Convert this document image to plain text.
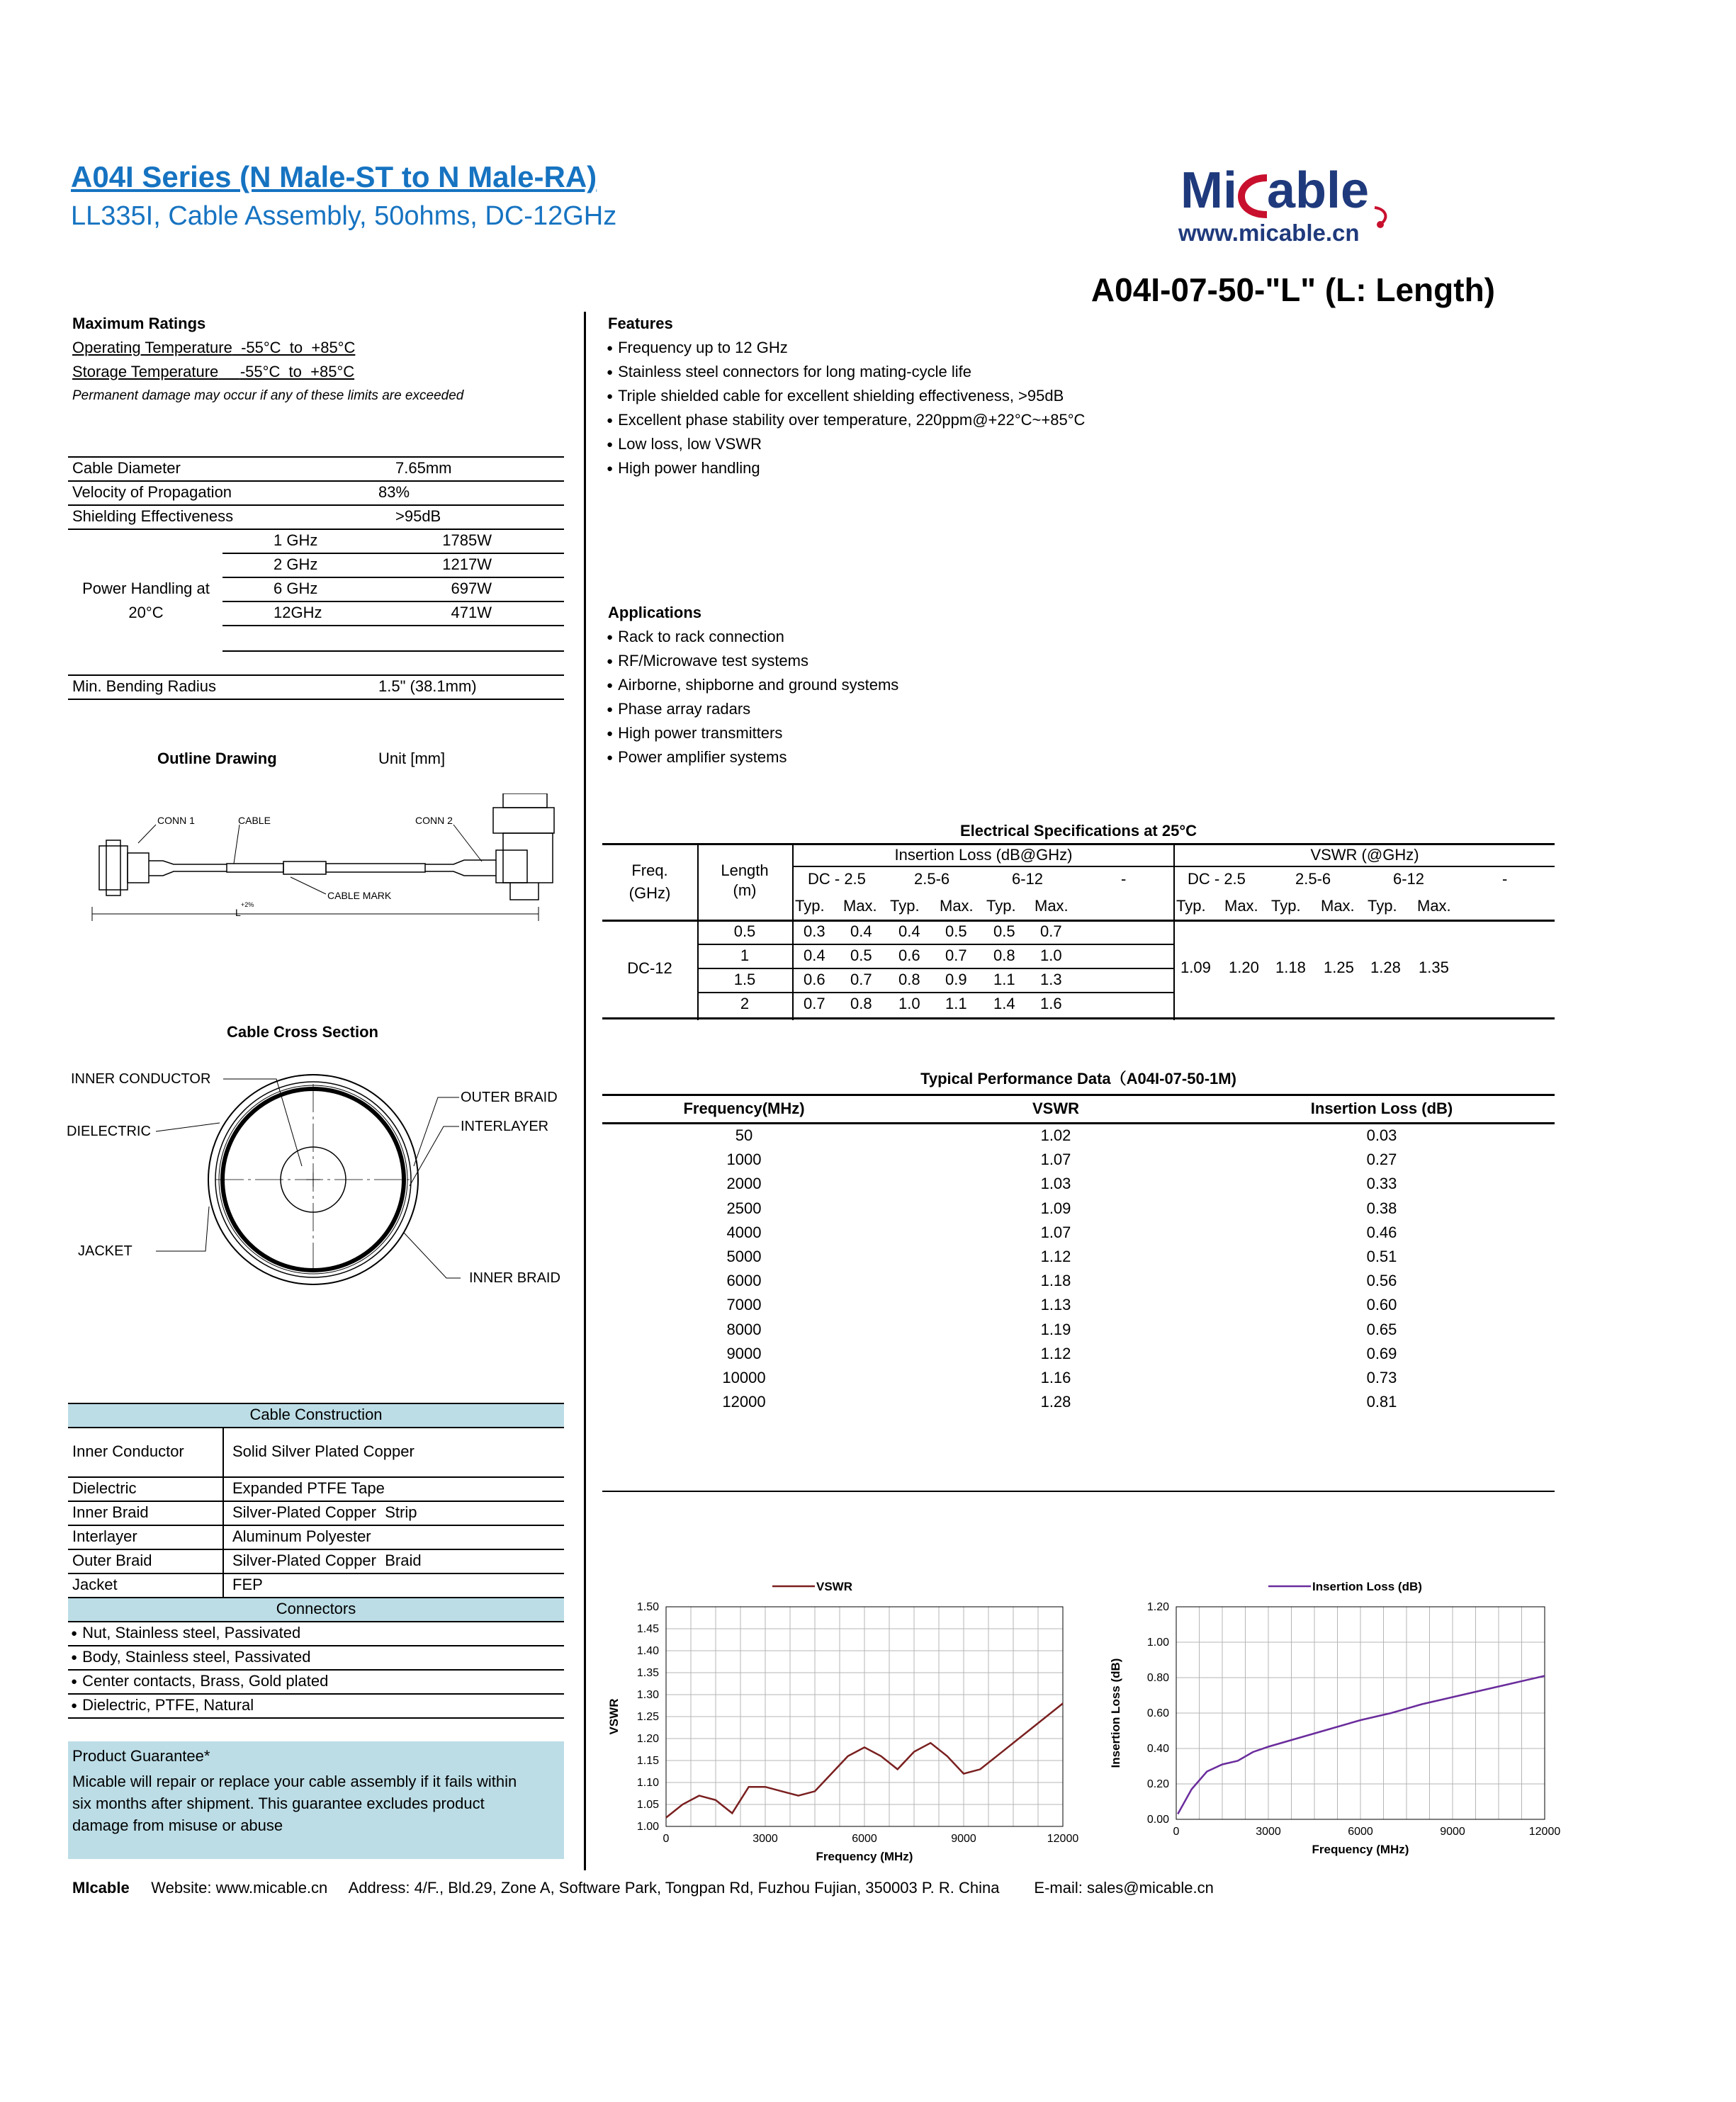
A04I Series (N Male-ST to N Male-RA)
LL335I, Cable Assembly, 50ohms, DC-12GHz	Mi able
www.micable.cn
A04I-07-50-"L" (L: Length)
Maximum Ratings
Operating Temperature -55°C  to  +85°C
Storage Temperature -55°C  to  +85°C
Permanent damage may occur if any of these limits are exceeded
Cable Diameter	7.65mm
Velocity of Propagation	83%
Shielding Effectiveness	>95dB
Power Handling at
20°C
1 GHz	1785W
2 GHz	1217W
6 GHz	697W
12GHz	471W
Min. Bending Radius	1.5" (38.1mm)
Outline Drawing	Unit [mm]
CONN 1	CABLE	CONN 2
CABLE MARK
L
+2%
Cable Cross Section
INNER CONDUCTOR
DIELECTRIC
JACKET
OUTER BRAID
INTERLAYER
INNER BRAID
Cable Construction
Inner Conductor	Solid Silver Plated Copper
Dielectric	Expanded PTFE Tape
Inner Braid	Silver-Plated Copper  Strip
Interlayer	Aluminum Polyester
Outer Braid	Silver-Plated Copper  Braid
Jacket	FEP
Connectors
● Nut, Stainless steel, Passivated
● Body, Stainless steel, Passivated
● Center contacts, Brass, Gold plated
● Dielectric, PTFE, Natural
Product Guarantee*
Micable will repair or replace your cable assembly if it fails within
six months after shipment. This guarantee excludes product
damage from misuse or abuse
Features
● Frequency up to 12 GHz
● Stainless steel connectors for long mating-cycle life
● Triple shielded cable for excellent shielding effectiveness, >95dB
● Excellent phase stability over temperature, 220ppm@+22°C~+85°C
● Low loss, low VSWR
● High power handling
Applications
● Rack to rack connection
● RF/Microwave test systems
● Airborne, shipborne and ground systems
● Phase array radars
● High power transmitters
● Power amplifier systems
Electrical Specifications at 25°C
Freq.
(GHz)
Length
(m)
Insertion Loss (dB@GHz)	VSWR (@GHz)
DC - 2.5	2.5-6	6-12	-	DC - 2.5	2.5-6	6-12	-
Typ. Max. Typ. Max. Typ. Max.	Typ. Max. Typ. Max. Typ. Max.
DC-12
0.5	0.3 0.4 0.4 0.5 0.5 0.7
1	0.4 0.5 0.6 0.7 0.8 1.0
1.5	0.6 0.7 0.8 0.9 1.1 1.3
2	0.7 0.8 1.0 1.1 1.4 1.6
1.09 1.20 1.18 1.25 1.28 1.35
Typical Performance Data（A04I-07-50-1M)
Frequency(MHz)	VSWR	Insertion Loss (dB)
50	1.02	0.03
1000	1.07	0.27
2000	1.03	0.33
2500	1.09	0.38
4000	1.07	0.46
5000	1.12	0.51
6000	1.18	0.56
7000	1.13	0.60
8000	1.19	0.65
9000	1.12	0.69
10000	1.16	0.73
12000	1.28	0.81
1.00
1.05
1.10
1.15
1.20
1.25
1.30
1.35
1.40
1.45
1.50
0	3000	6000	9000	12000
Frequency (MHz)
VSWR
VSWR
0.00
0.20
0.40
0.60
0.80
1.00
1.20
0	3000	6000	9000	12000
Frequency (MHz)
Insertion Loss (dB)
Insertion Loss (dB)
MIcable Website: www.micable.cn Address: 4/F., Bld.29, Zone A, Software Park, Tongpan Rd, Fuzhou Fujian, 350003 P. R. China E-mail: sales@micable.cn
